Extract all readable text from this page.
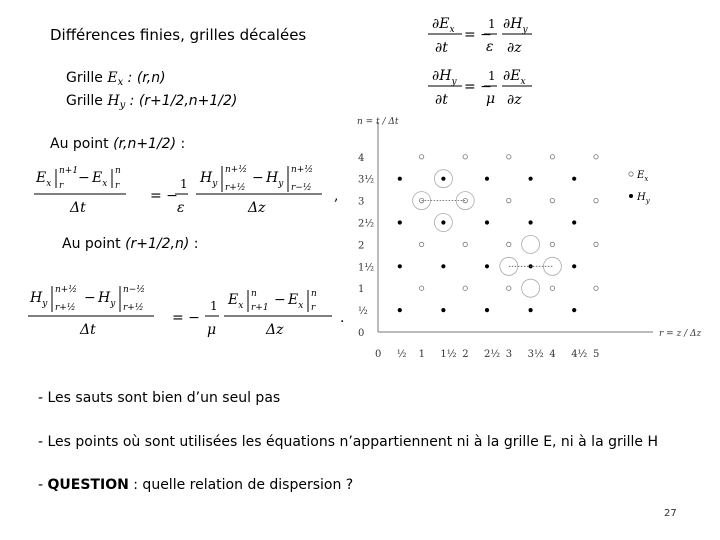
Différences finies, grilles décalées
Grille $E_x$ : (r,n)
Grille $H_y$ : (r+1/2,n+1/2)
Au point (r,n+1/2) :
Au point (r+1/2,n) :
$\partial E_x$
∂t
= −
1
ε
$\partial H_y$
∂z
$\partial H_y$
∂t
= −
1
μ
$\partial E_x$
∂z
$E_x$
n+1
$r - E_x$
n
r
Δt
= −
1
ε
$H_y$
n+½
r+½
− $H_y$
n+½
r−½
Δz
,
$H_y$
n+½
r+½
− $H_y$
n−½
r+½
Δt
= −
1
μ
$E_x$
n
$r+1 - E_x$
n
r
Δz
.
n = t / Δt
r = z / Δz
0
½
1
1½
2
2½
3
3½
4
0 ½ 1 1½ 2 2½ 3 3½ 4 4½ 5
$E_x$
$H_y$
- Les sauts sont bien d’un seul pas
- Les points où sont utilisées les équations n’appartiennent ni à la grille E, ni à la grille H
- QUESTION : quelle relation de dispersion ?
27
